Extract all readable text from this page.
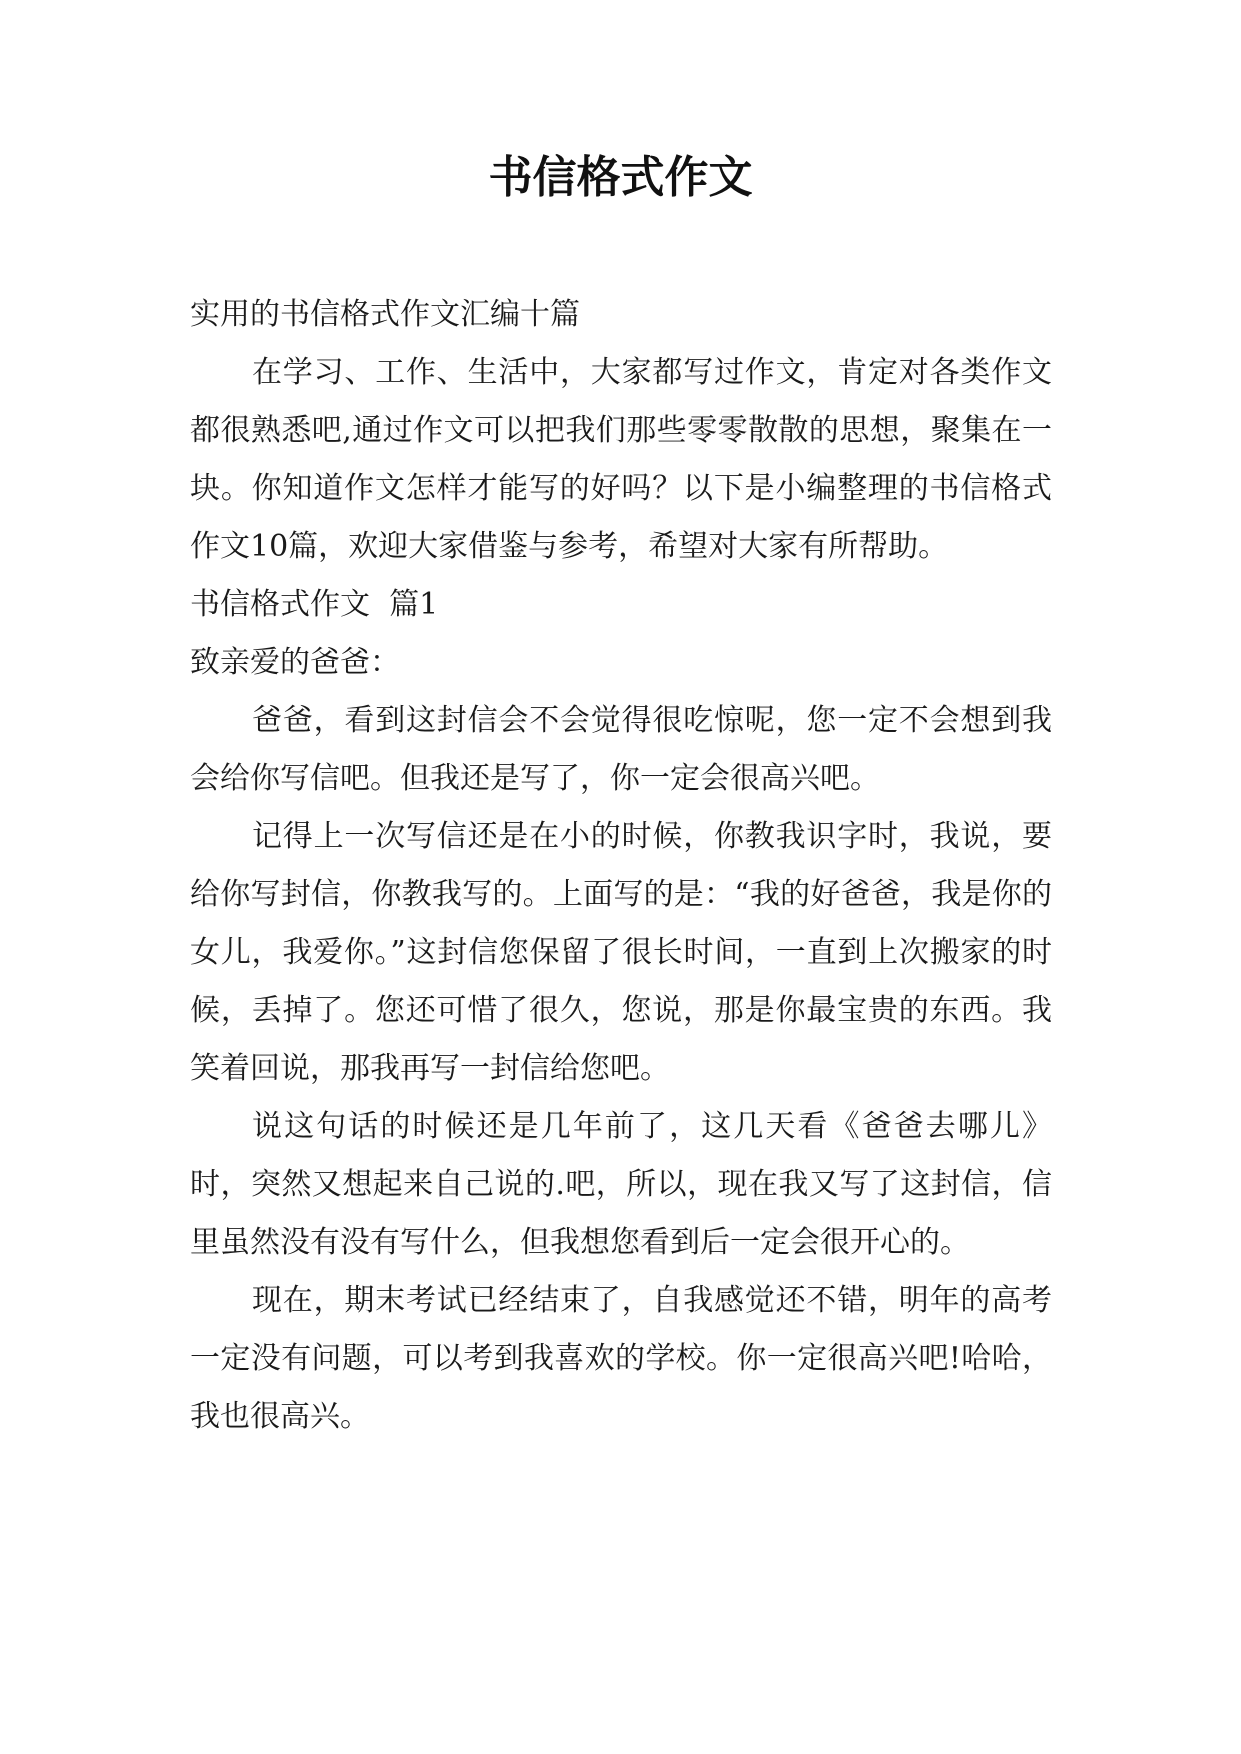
书信格式作文

实用的书信格式作文汇编十篇

在学习、工作、生活中，大家都写过作文，肯定对各类作文都很熟悉吧,通过作文可以把我们那些零零散散的思想，聚集在一块。你知道作文怎样才能写的好吗？以下是小编整理的书信格式作文10篇，欢迎大家借鉴与参考，希望对大家有所帮助。

书信格式作文  篇1

致亲爱的爸爸：

爸爸，看到这封信会不会觉得很吃惊呢，您一定不会想到我会给你写信吧。但我还是写了，你一定会很高兴吧。

记得上一次写信还是在小的时候，你教我识字时，我说，要给你写封信，你教我写的。上面写的是：“我的好爸爸，我是你的女儿，我爱你。”这封信您保留了很长时间，一直到上次搬家的时候，丢掉了。您还可惜了很久，您说，那是你最宝贵的东西。我笑着回说，那我再写一封信给您吧。

说这句话的时候还是几年前了，这几天看《爸爸去哪儿》时，突然又想起来自己说的.吧，所以，现在我又写了这封信，信里虽然没有没有写什么，但我想您看到后一定会很开心的。

现在，期末考试已经结束了，自我感觉还不错，明年的高考一定没有问题，可以考到我喜欢的学校。你一定很高兴吧!哈哈，我也很高兴。
